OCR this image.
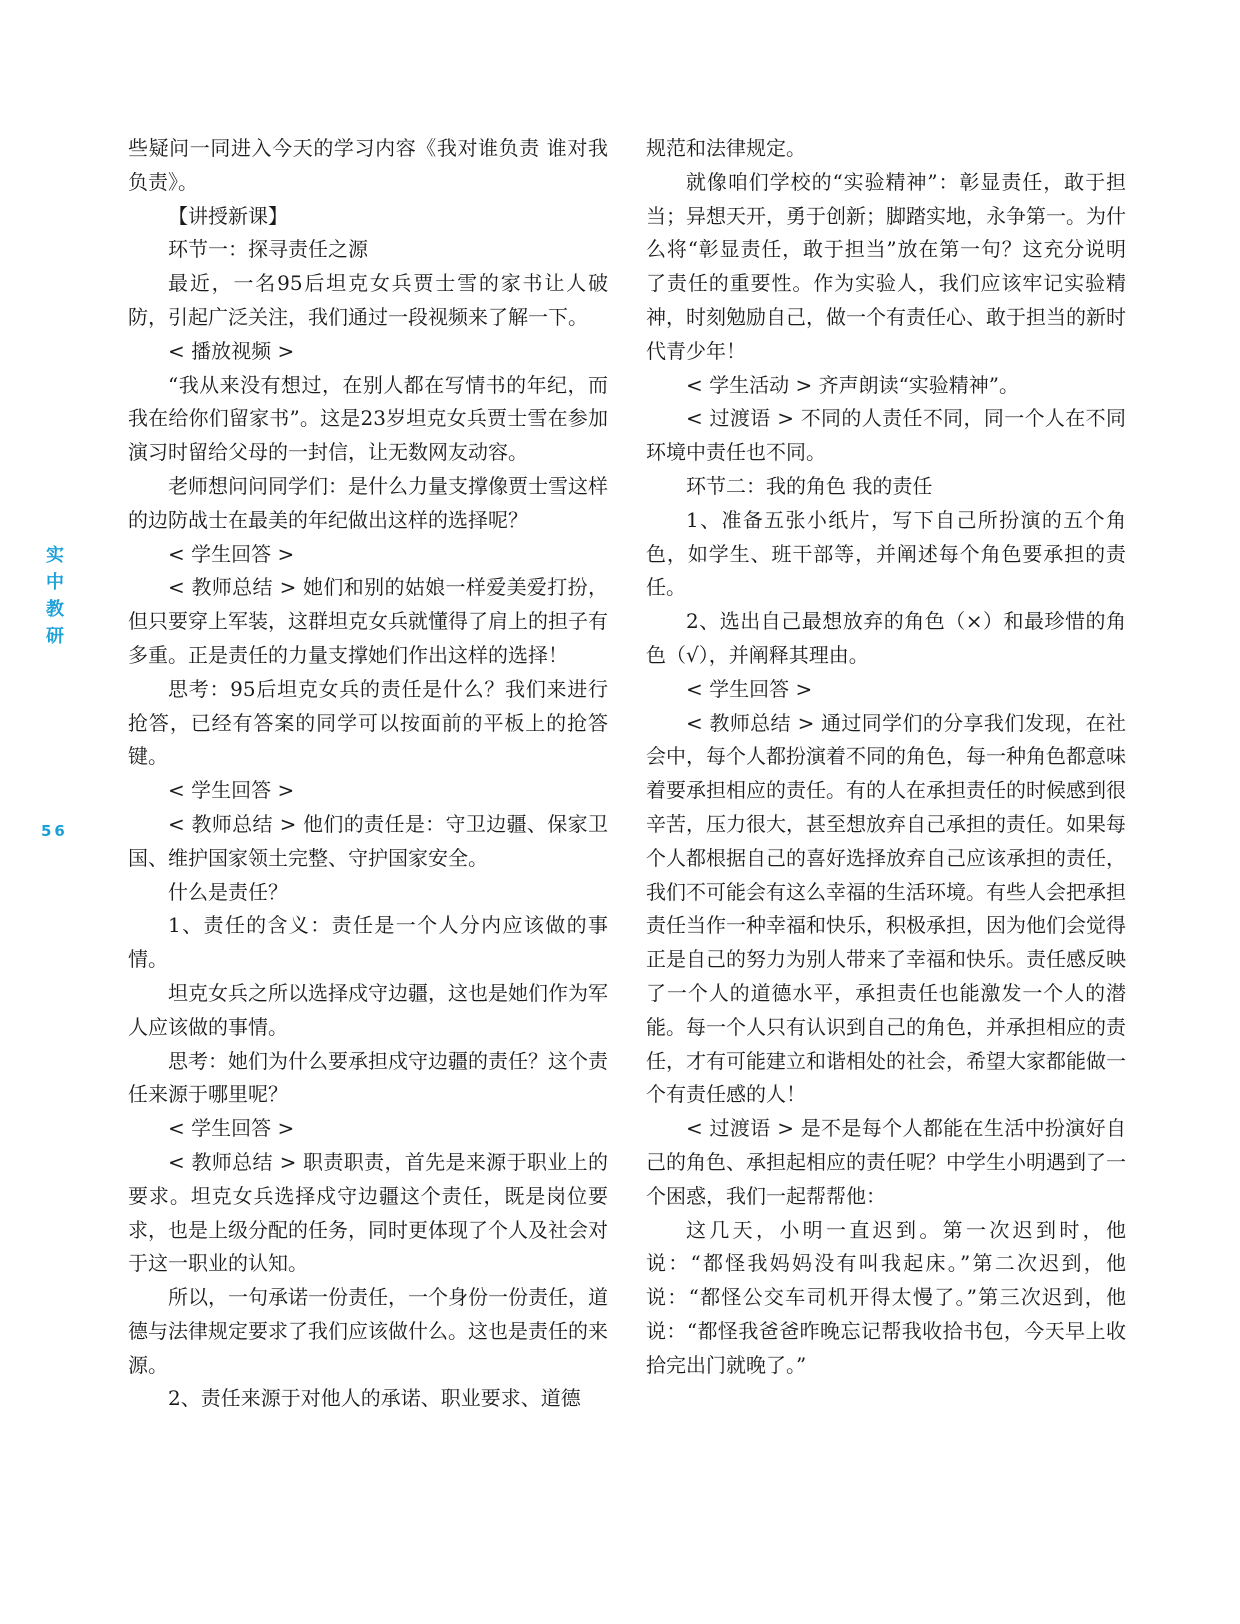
实中教研
56

些疑问一同进入今天的学习内容《我对谁负责 谁对我负责》。

【讲授新课】

环节一：探寻责任之源

最近，一名95后坦克女兵贾士雪的家书让人破防，引起广泛关注，我们通过一段视频来了解一下。

< 播放视频 >

“我从来没有想过，在别人都在写情书的年纪，而我在给你们留家书”。这是23岁坦克女兵贾士雪在参加演习时留给父母的一封信，让无数网友动容。

老师想问问同学们：是什么力量支撑像贾士雪这样的边防战士在最美的年纪做出这样的选择呢？

< 学生回答 >

< 教师总结 > 她们和别的姑娘一样爱美爱打扮，但只要穿上军装，这群坦克女兵就懂得了肩上的担子有多重。正是责任的力量支撑她们作出这样的选择！

思考：95后坦克女兵的责任是什么？我们来进行抢答，已经有答案的同学可以按面前的平板上的抢答键。

< 学生回答 >

< 教师总结 > 他们的责任是：守卫边疆、保家卫国、维护国家领土完整、守护国家安全。

什么是责任？

1、责任的含义：责任是一个人分内应该做的事情。

坦克女兵之所以选择戍守边疆，这也是她们作为军人应该做的事情。

思考：她们为什么要承担戍守边疆的责任？这个责任来源于哪里呢？

< 学生回答 >

< 教师总结 > 职责职责，首先是来源于职业上的要求。坦克女兵选择戍守边疆这个责任，既是岗位要求，也是上级分配的任务，同时更体现了个人及社会对于这一职业的认知。

所以，一句承诺一份责任，一个身份一份责任，道德与法律规定要求了我们应该做什么。这也是责任的来源。

2、责任来源于对他人的承诺、职业要求、道德

规范和法律规定。

就像咱们学校的“实验精神”：彰显责任，敢于担当；异想天开，勇于创新；脚踏实地，永争第一。为什么将“彰显责任，敢于担当”放在第一句？这充分说明了责任的重要性。作为实验人，我们应该牢记实验精神，时刻勉励自己，做一个有责任心、敢于担当的新时代青少年！

< 学生活动 > 齐声朗读“实验精神”。

< 过渡语 > 不同的人责任不同，同一个人在不同环境中责任也不同。

环节二：我的角色 我的责任

1、准备五张小纸片，写下自己所扮演的五个角色，如学生、班干部等，并阐述每个角色要承担的责任。

2、选出自己最想放弃的角色（×）和最珍惜的角色（√），并阐释其理由。

< 学生回答 >

< 教师总结 > 通过同学们的分享我们发现，在社会中，每个人都扮演着不同的角色，每一种角色都意味着要承担相应的责任。有的人在承担责任的时候感到很辛苦，压力很大，甚至想放弃自己承担的责任。如果每个人都根据自己的喜好选择放弃自己应该承担的责任，我们不可能会有这么幸福的生活环境。有些人会把承担责任当作一种幸福和快乐，积极承担，因为他们会觉得正是自己的努力为别人带来了幸福和快乐。责任感反映了一个人的道德水平，承担责任也能激发一个人的潜能。每一个人只有认识到自己的角色，并承担相应的责任，才有可能建立和谐相处的社会，希望大家都能做一个有责任感的人！

< 过渡语 > 是不是每个人都能在生活中扮演好自己的角色、承担起相应的责任呢？中学生小明遇到了一个困惑，我们一起帮帮他：

这几天，小明一直迟到。第一次迟到时，他说：“都怪我妈妈没有叫我起床。”第二次迟到，他说：“都怪公交车司机开得太慢了。”第三次迟到，他说：“都怪我爸爸昨晚忘记帮我收拾书包，今天早上收拾完出门就晚了。”
